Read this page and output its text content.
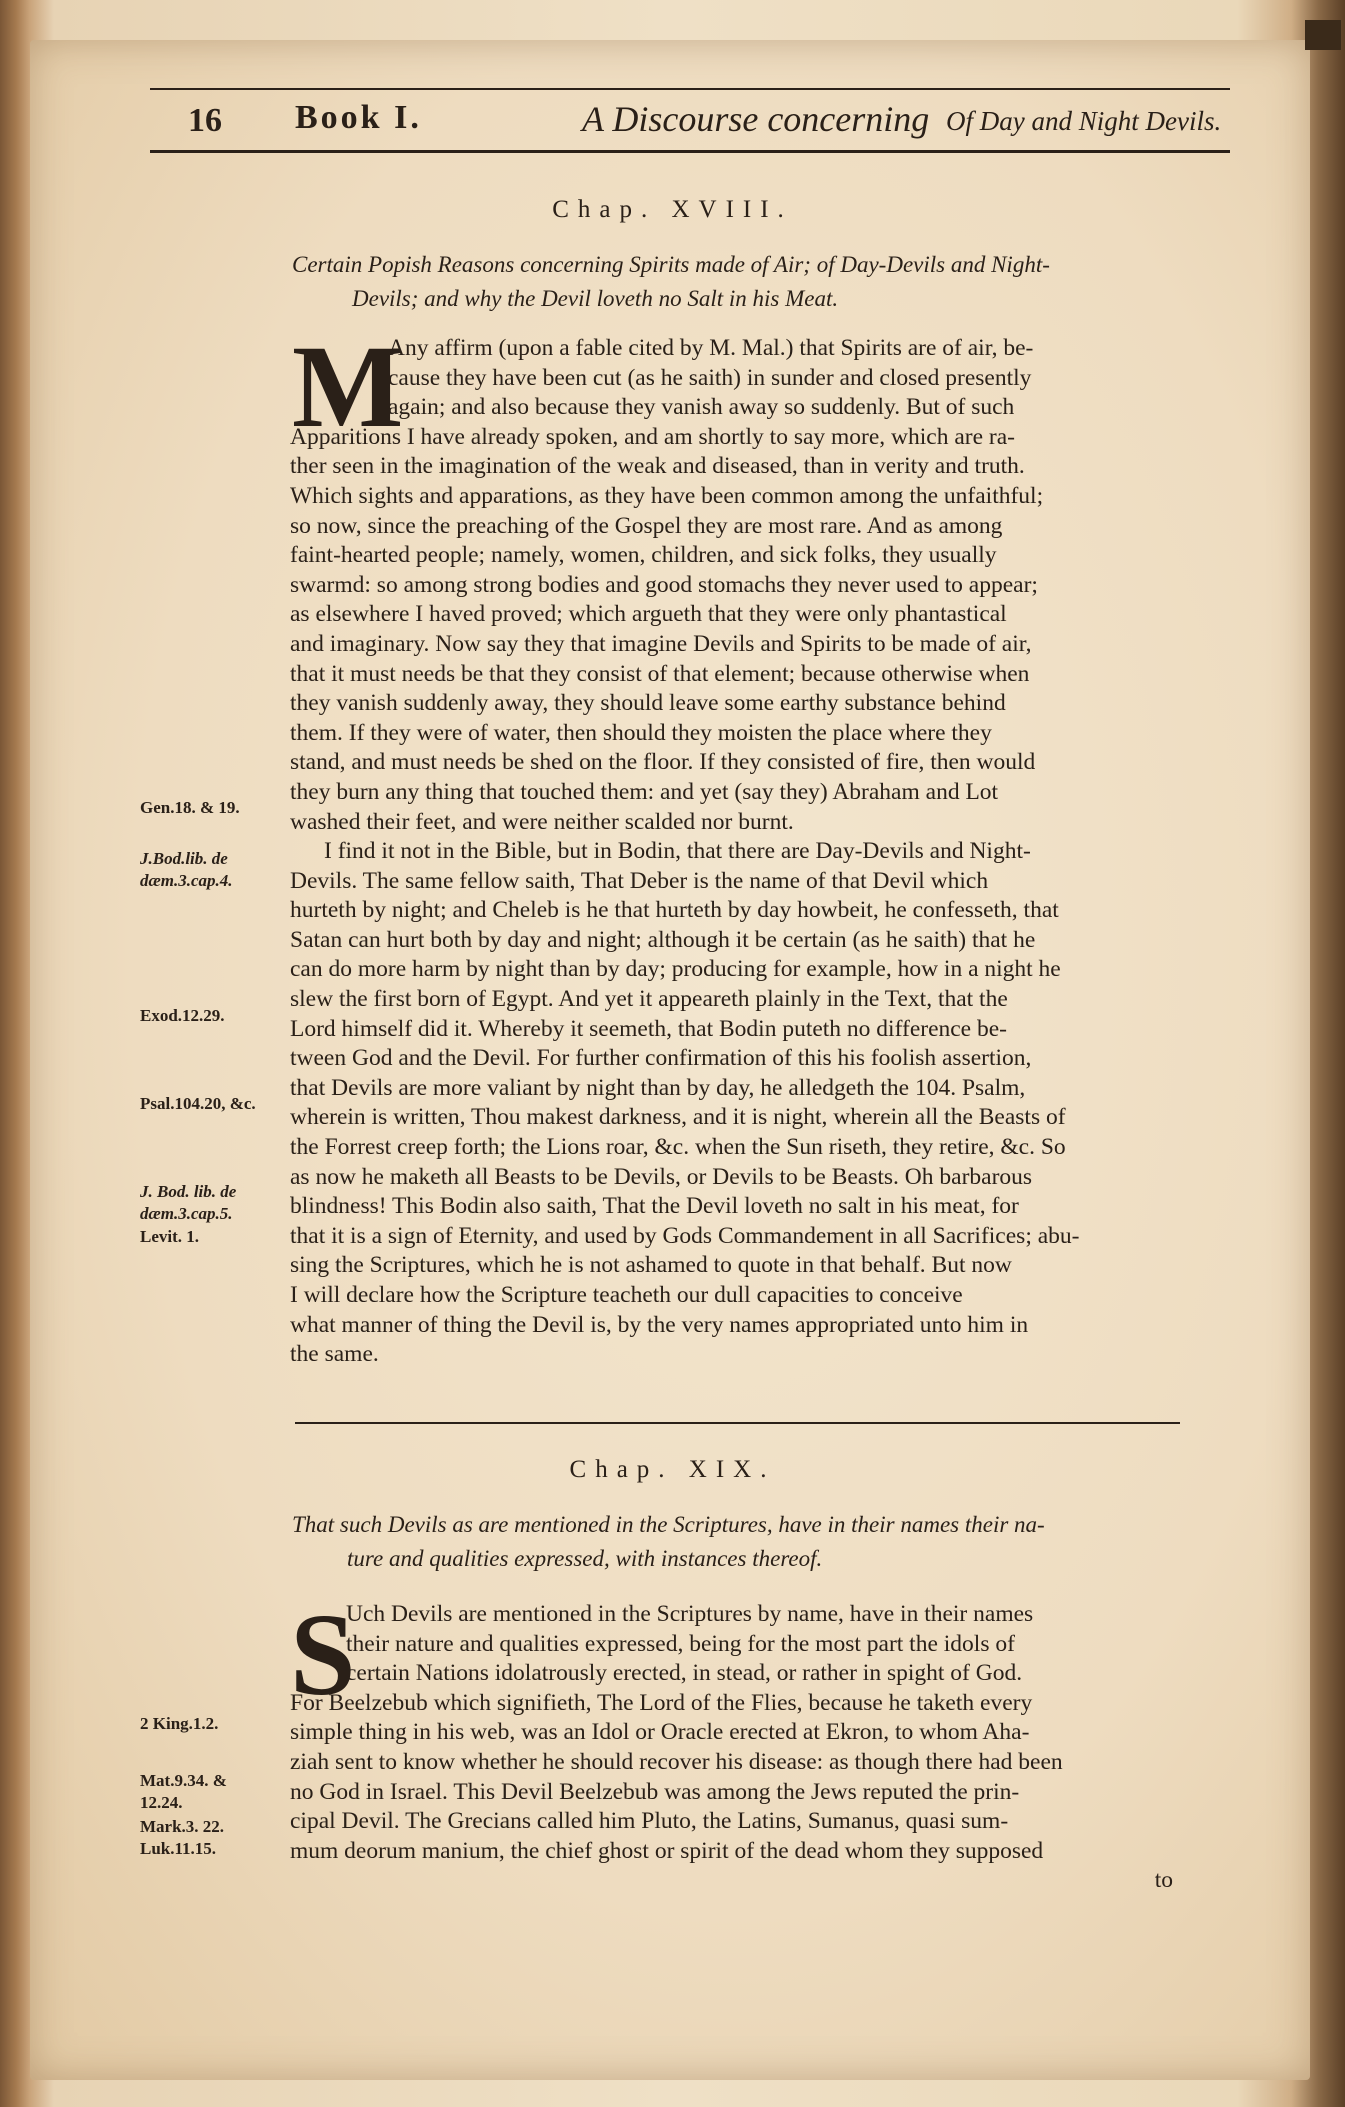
16 Book I.	A Discourse concerning Of Day and Night Devils.
Chap. XVIII.
Certain Popish Reasons concerning Spirits made of Air; of Day-Devils and Night-
Devils; and why the Devil loveth no Salt in his Meat.
M
Any affirm (upon a fable cited by M. Mal.) that Spirits are of air, be-
cause they have been cut (as he saith) in sunder and closed presently
again; and also because they vanish away so suddenly. But of such
Apparitions I have already spoken, and am shortly to say more, which are ra-
ther seen in the imagination of the weak and diseased, than in verity and truth.
Which sights and apparations, as they have been common among the unfaithful;
so now, since the preaching of the Gospel they are most rare. And as among
faint-hearted people; namely, women, children, and sick folks, they usually
swarmd: so among strong bodies and good stomachs they never used to appear;
as elsewhere I haved proved; which argueth that they were only phantastical
and imaginary. Now say they that imagine Devils and Spirits to be made of air,
that it must needs be that they consist of that element; because otherwise when
they vanish suddenly away, they should leave some earthy substance behind
them. If they were of water, then should they moisten the place where they
stand, and must needs be shed on the floor. If they consisted of fire, then would
they burn any thing that touched them: and yet (say they) Abraham and Lot
washed their feet, and were neither scalded nor burnt.
I find it not in the Bible, but in Bodin, that there are Day-Devils and Night-
Devils. The same fellow saith, That Deber is the name of that Devil which
hurteth by night; and Cheleb is he that hurteth by day howbeit, he confesseth, that
Satan can hurt both by day and night; although it be certain (as he saith) that he
can do more harm by night than by day; producing for example, how in a night he
slew the first born of Egypt. And yet it appeareth plainly in the Text, that the
Lord himself did it. Whereby it seemeth, that Bodin puteth no difference be-
tween God and the Devil. For further confirmation of this his foolish assertion,
that Devils are more valiant by night than by day, he alledgeth the 104. Psalm,
wherein is written, Thou makest darkness, and it is night, wherein all the Beasts of
the Forrest creep forth; the Lions roar, &c. when the Sun riseth, they retire, &c. So
as now he maketh all Beasts to be Devils, or Devils to be Beasts. Oh barbarous
blindness! This Bodin also saith, That the Devil loveth no salt in his meat, for
that it is a sign of Eternity, and used by Gods Commandement in all Sacrifices; abu-
sing the Scriptures, which he is not ashamed to quote in that behalf. But now
I will declare how the Scripture teacheth our dull capacities to conceive
what manner of thing the Devil is, by the very names appropriated unto him in
the same.
Gen.18. & 19.
J.Bod.lib. de dæm.3.cap.4.
Exod.12.29.
Psal.104.20, &c.
J. Bod. lib. de dæm.3.cap.5.
Levit. 1.
Chap. XIX.
That such Devils as are mentioned in the Scriptures, have in their names their na-
ture and qualities expressed, with instances thereof.
S
Uch Devils are mentioned in the Scriptures by name, have in their names
their nature and qualities expressed, being for the most part the idols of
certain Nations idolatrously erected, in stead, or rather in spight of God.
For Beelzebub which signifieth, The Lord of the Flies, because he taketh every
simple thing in his web, was an Idol or Oracle erected at Ekron, to whom Aha-
ziah sent to know whether he should recover his disease: as though there had been
no God in Israel. This Devil Beelzebub was among the Jews reputed the prin-
cipal Devil. The Grecians called him Pluto, the Latins, Sumanus, quasi sum-
mum deorum manium, the chief ghost or spirit of the dead whom they supposed
to
2 King.1.2.
Mat.9.34. & 12.24.
Mark.3. 22.
Luk.11.15.
